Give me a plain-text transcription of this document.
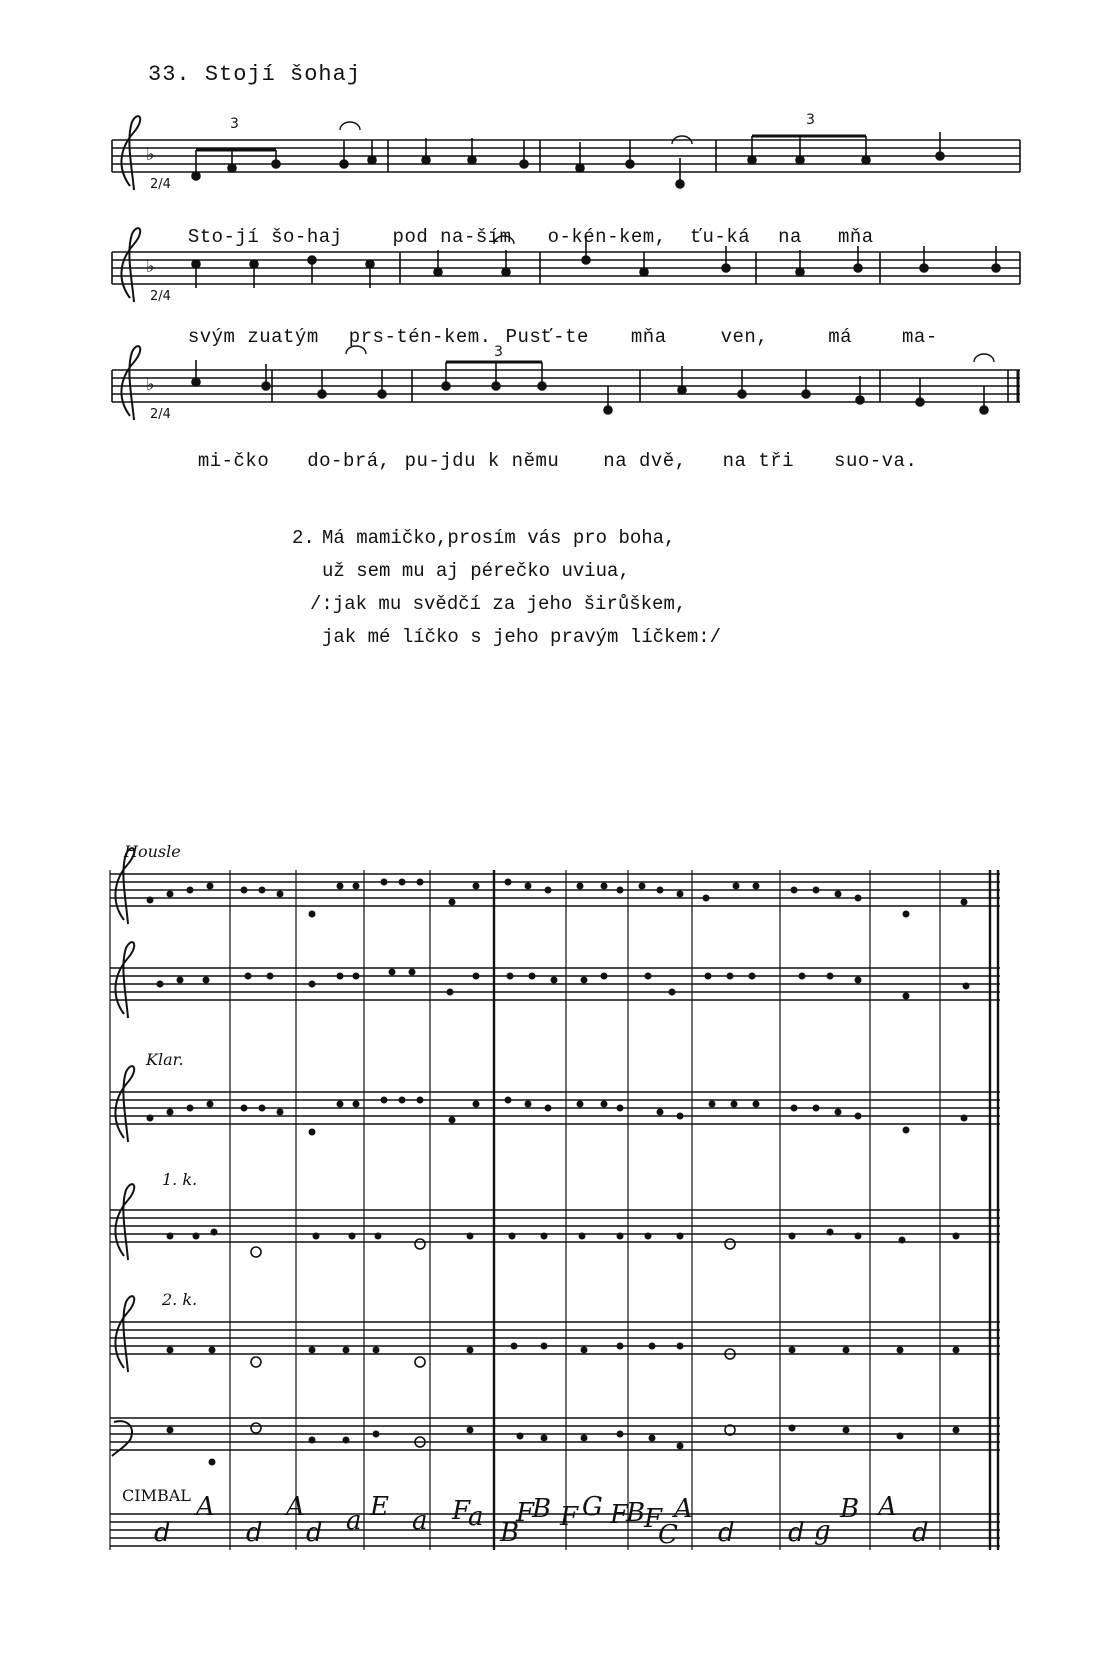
33. Stojí šohaj
♭
♭
♭
2/4
2/4
2/4
3	3
3

Sto-jí šo-haj	pod na-ším o-kén-kem, ťu-ká na mňa

svým zuatým prs-tén-kem. Pusť-te mňa	ven,	má	ma-

mi-čko do-brá, pu-jdu k němu na dvě, na tři suo-va.

2. Má mamičko,prosím vás pro boha,
už sem mu aj pérečko uviua,
/:jak mu svědčí za jeho širůškem,
jak mé líčko s jeho pravým líčkem:/
Housle
Klar.
1. k.
2. k.
CIMBAL
d
A
d
A
d a E a F
a
B
F
B F G F
B
F
C
A
d d g
B A
d
